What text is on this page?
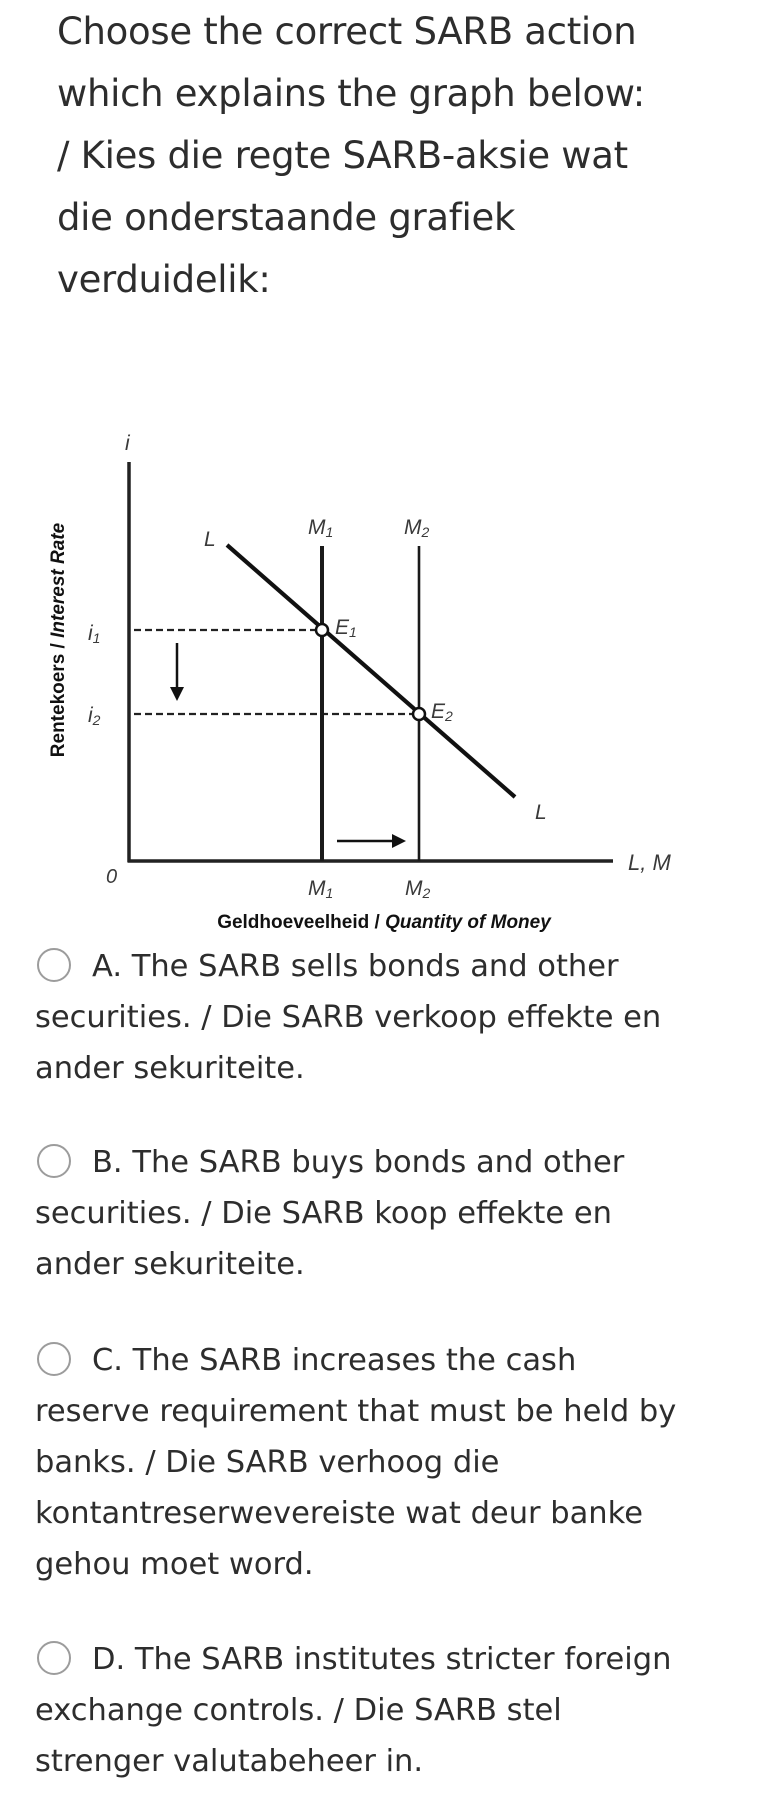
Choose the correct SARB action
which explains the graph below:
/ Kies die regte SARB-aksie wat
die onderstaande grafiek
verduidelik:
Rentekoers / Interest Rate
i
L, M
0
i1
i2
M1	M2
L
L
E1
E2
M1	M2
Geldhoeveelheid / Quantity of Money
A. The SARB sells bonds and other
securities. / Die SARB verkoop effekte en
ander sekuriteite.
B. The SARB buys bonds and other
securities. / Die SARB koop effekte en
ander sekuriteite.
C. The SARB increases the cash
reserve requirement that must be held by
banks. / Die SARB verhoog die
kontantreserwevereiste wat deur banke
gehou moet word.
D. The SARB institutes stricter foreign
exchange controls. / Die SARB stel
strenger valutabeheer in.
